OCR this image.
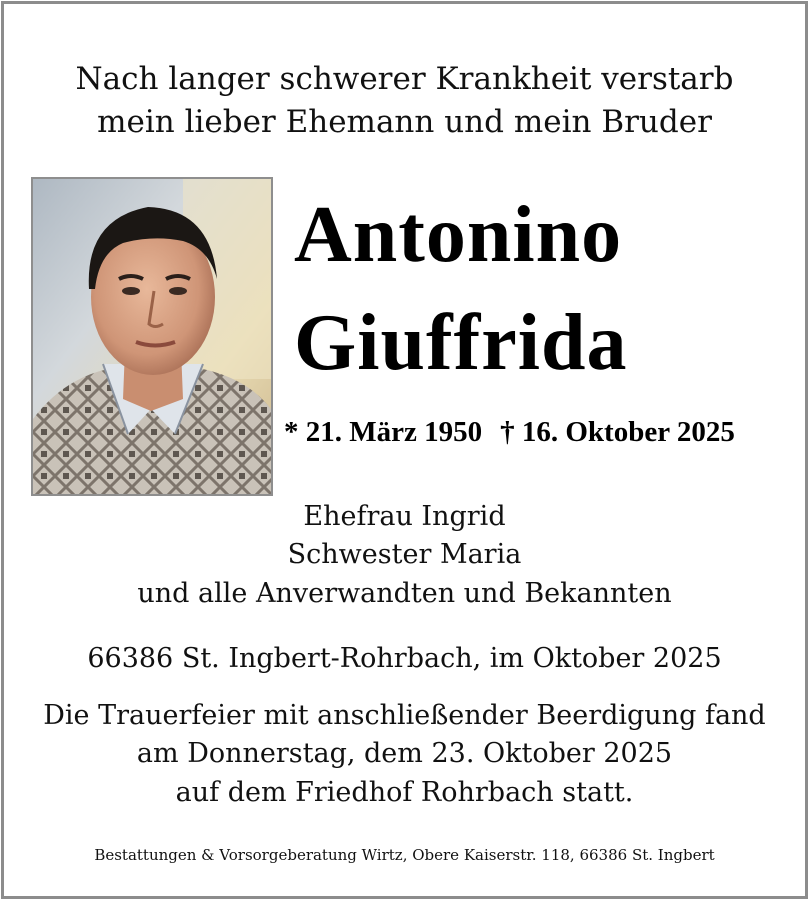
Nach langer schwerer Krankheit verstarb
mein lieber Ehemann und mein Bruder
Antonino
Giuffrida
* 21. März 1950 † 16. Oktober 2025
Ehefrau Ingrid
Schwester Maria
und alle Anverwandten und Bekannten
66386 St. Ingbert-Rohrbach, im Oktober 2025
Die Trauerfeier mit anschließender Beerdigung fand
am Donnerstag, dem 23. Oktober 2025
auf dem Friedhof Rohrbach statt.
Bestattungen & Vorsorgeberatung Wirtz, Obere Kaiserstr. 118, 66386 St. Ingbert
